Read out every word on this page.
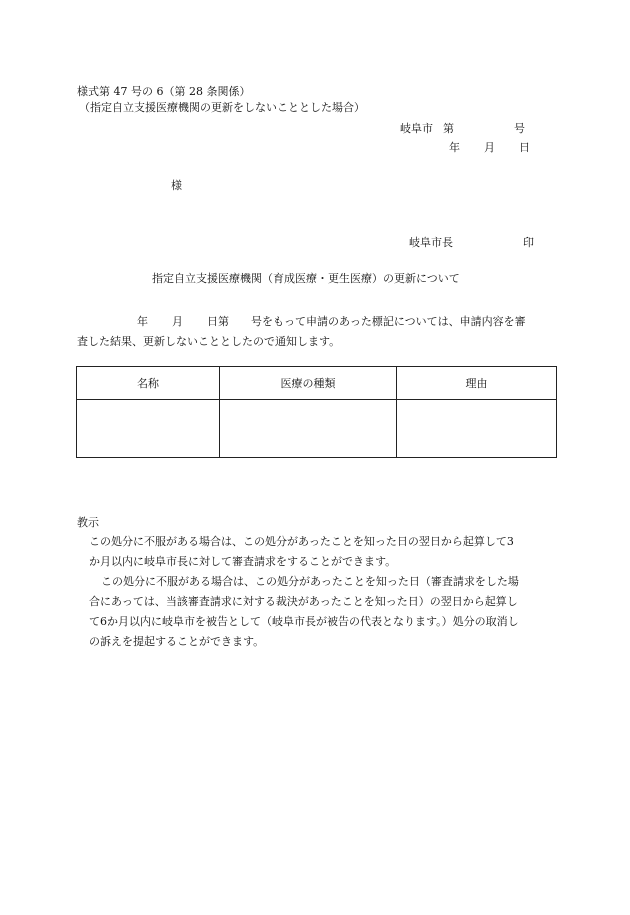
様式第 47 号の 6（第 28 条関係）
（指定自立支援医療機関の更新をしないこととした場合）
岐阜市 第	号
年 月 日
様
岐阜市長	印
指定自立支援医療機関（育成医療・更生医療）の更新について

年 月 日第 号をもって申請のあった標記については、申請内容を審

査した結果、更新しないこととしたので通知します。

名称	医療の種類	理由

教示

この処分に不服がある場合は、この処分があったことを知った日の翌日から起算して3

か月以内に岐阜市長に対して審査請求をすることができます。

この処分に不服がある場合は、この処分があったことを知った日（審査請求をした場

合にあっては、当該審査請求に対する裁決があったことを知った日）の翌日から起算し

て6か月以内に岐阜市を被告として（岐阜市長が被告の代表となります。）処分の取消し

の訴えを提起することができます。
